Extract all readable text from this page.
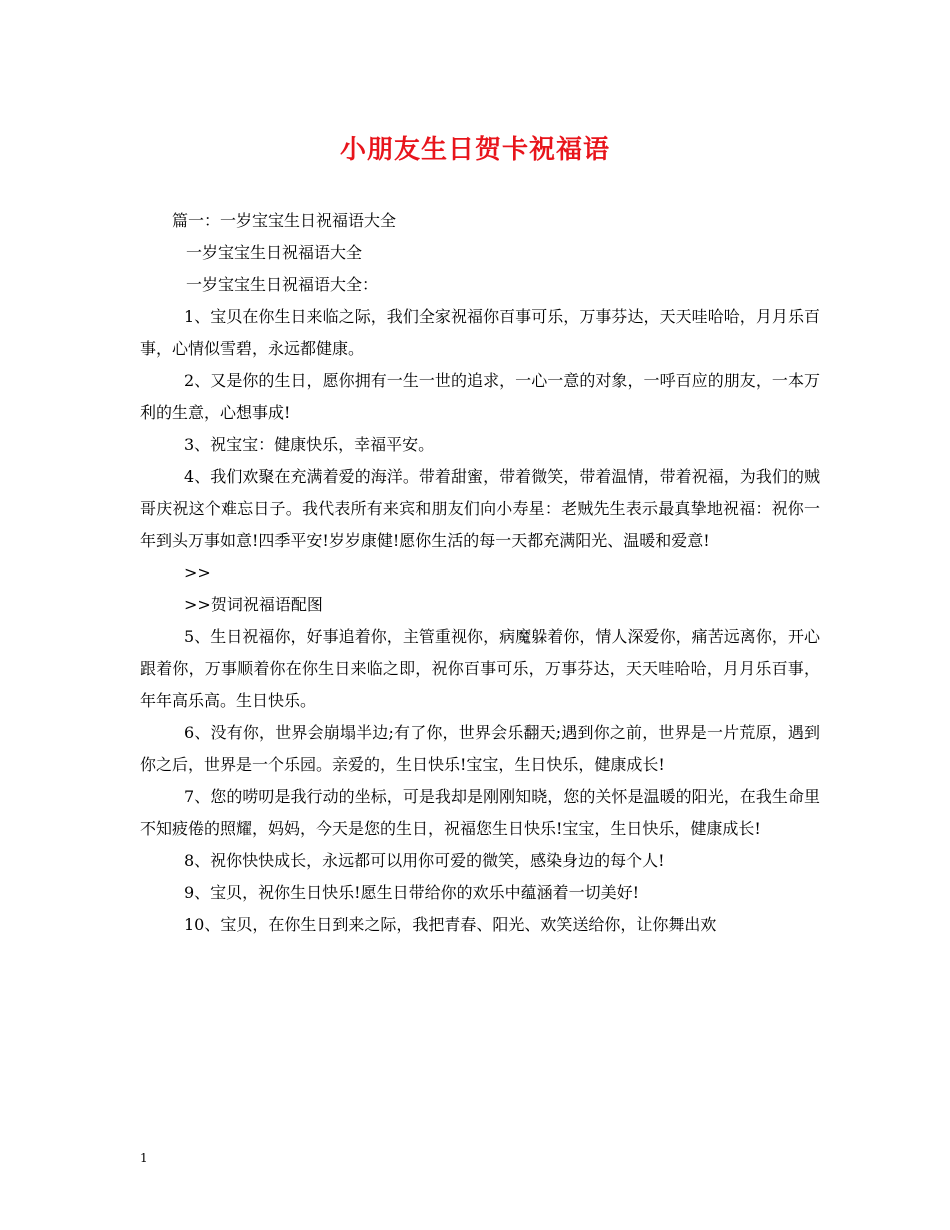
小朋友生日贺卡祝福语

篇一：一岁宝宝生日祝福语大全

一岁宝宝生日祝福语大全

一岁宝宝生日祝福语大全：

1、宝贝在你生日来临之际，我们全家祝福你百事可乐，万事芬达，天天哇哈哈，月月乐百事，心情似雪碧，永远都健康。

2、又是你的生日，愿你拥有一生一世的追求，一心一意的对象，一呼百应的朋友，一本万利的生意，心想事成!

3、祝宝宝：健康快乐，幸福平安。

4、我们欢聚在充满着爱的海洋。带着甜蜜，带着微笑，带着温情，带着祝福，为我们的贼哥庆祝这个难忘日子。我代表所有来宾和朋友们向小寿星：老贼先生表示最真挚地祝福：祝你一年到头万事如意!四季平安!岁岁康健!愿你生活的每一天都充满阳光、温暖和爱意!

>>

>>贺词祝福语配图

5、生日祝福你，好事追着你，主管重视你，病魔躲着你，情人深爱你，痛苦远离你，开心跟着你，万事顺着你在你生日来临之即，祝你百事可乐，万事芬达，天天哇哈哈，月月乐百事，年年高乐高。生日快乐。

6、没有你，世界会崩塌半边;有了你，世界会乐翻天;遇到你之前，世界是一片荒原，遇到你之后，世界是一个乐园。亲爱的，生日快乐!宝宝，生日快乐，健康成长!

7、您的唠叨是我行动的坐标，可是我却是刚刚知晓，您的关怀是温暖的阳光，在我生命里不知疲倦的照耀，妈妈，今天是您的生日，祝福您生日快乐!宝宝，生日快乐，健康成长!

8、祝你快快成长，永远都可以用你可爱的微笑，感染身边的每个人!

9、宝贝，祝你生日快乐!愿生日带给你的欢乐中蕴涵着一切美好!

10、宝贝，在你生日到来之际，我把青春、阳光、欢笑送给你，让你舞出欢

1
